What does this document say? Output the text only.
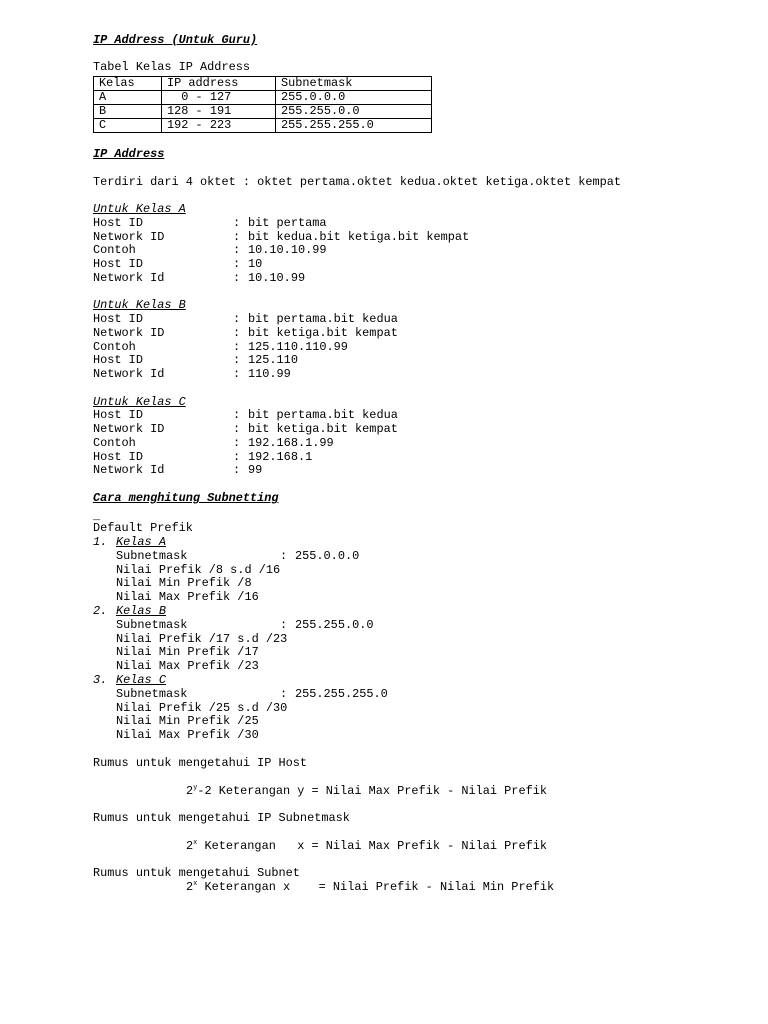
IP Address (Untuk Guru)
Tabel Kelas IP Address
Kelas	IP address	Subnetmask
A	0 - 127	255.0.0.0
B	128 - 191	255.255.0.0
C	192 - 223	255.255.255.0
IP Address
Terdiri dari 4 oktet : oktet pertama.oktet kedua.oktet ketiga.oktet kempat
Untuk Kelas A
Host ID	: bit pertama
Network ID	: bit kedua.bit ketiga.bit kempat
Contoh	: 10.10.10.99
Host ID	: 10
Network Id	: 10.10.99
Untuk Kelas B
Host ID	: bit pertama.bit kedua
Network ID	: bit ketiga.bit kempat
Contoh	: 125.110.110.99
Host ID	: 125.110
Network Id	: 110.99
Untuk Kelas C
Host ID	: bit pertama.bit kedua
Network ID	: bit ketiga.bit kempat
Contoh	: 192.168.1.99
Host ID	: 192.168.1
Network Id	: 99
Cara menghitung Subnetting
_
Default Prefik
1. Kelas A
Subnetmask	: 255.0.0.0
Nilai Prefik /8 s.d /16
Nilai Min Prefik /8
Nilai Max Prefik /16
2. Kelas B
Subnetmask	: 255.255.0.0
Nilai Prefik /17 s.d /23
Nilai Min Prefik /17
Nilai Max Prefik /23
3. Kelas C
Subnetmask	: 255.255.255.0
Nilai Prefik /25 s.d /30
Nilai Min Prefik /25
Nilai Max Prefik /30
Rumus untuk mengetahui IP Host
2$^y$-2 Keterangan y = Nilai Max Prefik - Nilai Prefik
Rumus untuk mengetahui IP Subnetmask
2$^x$ Keterangan   x = Nilai Max Prefik - Nilai Prefik
Rumus untuk mengetahui Subnet
2$^x$ Keterangan x    = Nilai Prefik - Nilai Min Prefik
